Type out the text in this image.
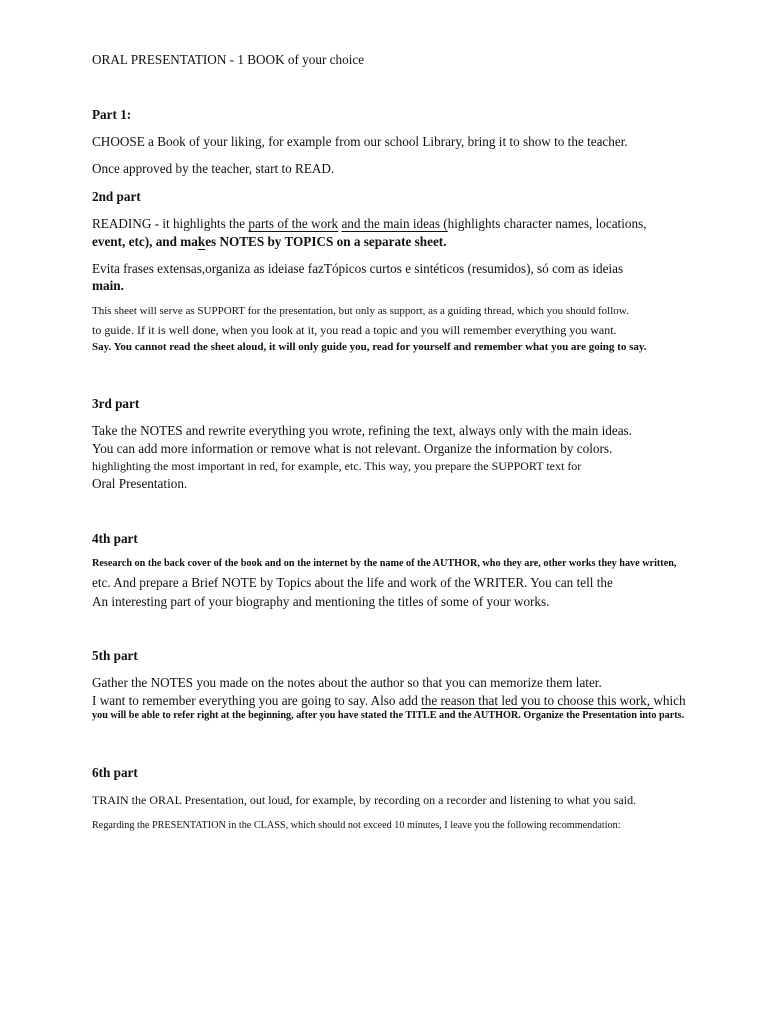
ORAL PRESENTATION - 1 BOOK of your choice

Part 1:

CHOOSE a Book of your liking, for example from our school Library, bring it to show to the teacher.

Once approved by the teacher, start to READ.

2nd part

READING - it highlights the parts of the work and the main ideas (highlights character names, locations,

event, etc), and makes NOTES by TOPICS on a separate sheet.

Evita frases extensas,organiza as ideiase fazTópicos curtos e sintéticos (resumidos), só com as ideias

main.

This sheet will serve as SUPPORT for the presentation, but only as support, as a guiding thread, which you should follow.

to guide. If it is well done, when you look at it, you read a topic and you will remember everything you want.

Say. You cannot read the sheet aloud, it will only guide you, read for yourself and remember what you are going to say.

3rd part

Take the NOTES and rewrite everything you wrote, refining the text, always only with the main ideas.

You can add more information or remove what is not relevant. Organize the information by colors.

highlighting the most important in red, for example, etc. This way, you prepare the SUPPORT text for

Oral Presentation.

4th part

Research on the back cover of the book and on the internet by the name of the AUTHOR, who they are, other works they have written,

etc. And prepare a Brief NOTE by Topics about the life and work of the WRITER. You can tell the

An interesting part of your biography and mentioning the titles of some of your works.

5th part

Gather the NOTES you made on the notes about the author so that you can memorize them later.

I want to remember everything you are going to say. Also add the reason that led you to choose this work, which

you will be able to refer right at the beginning, after you have stated the TITLE and the AUTHOR. Organize the Presentation into parts.

6th part

TRAIN the ORAL Presentation, out loud, for example, by recording on a recorder and listening to what you said.

Regarding the PRESENTATION in the CLASS, which should not exceed 10 minutes, I leave you the following recommendation:
